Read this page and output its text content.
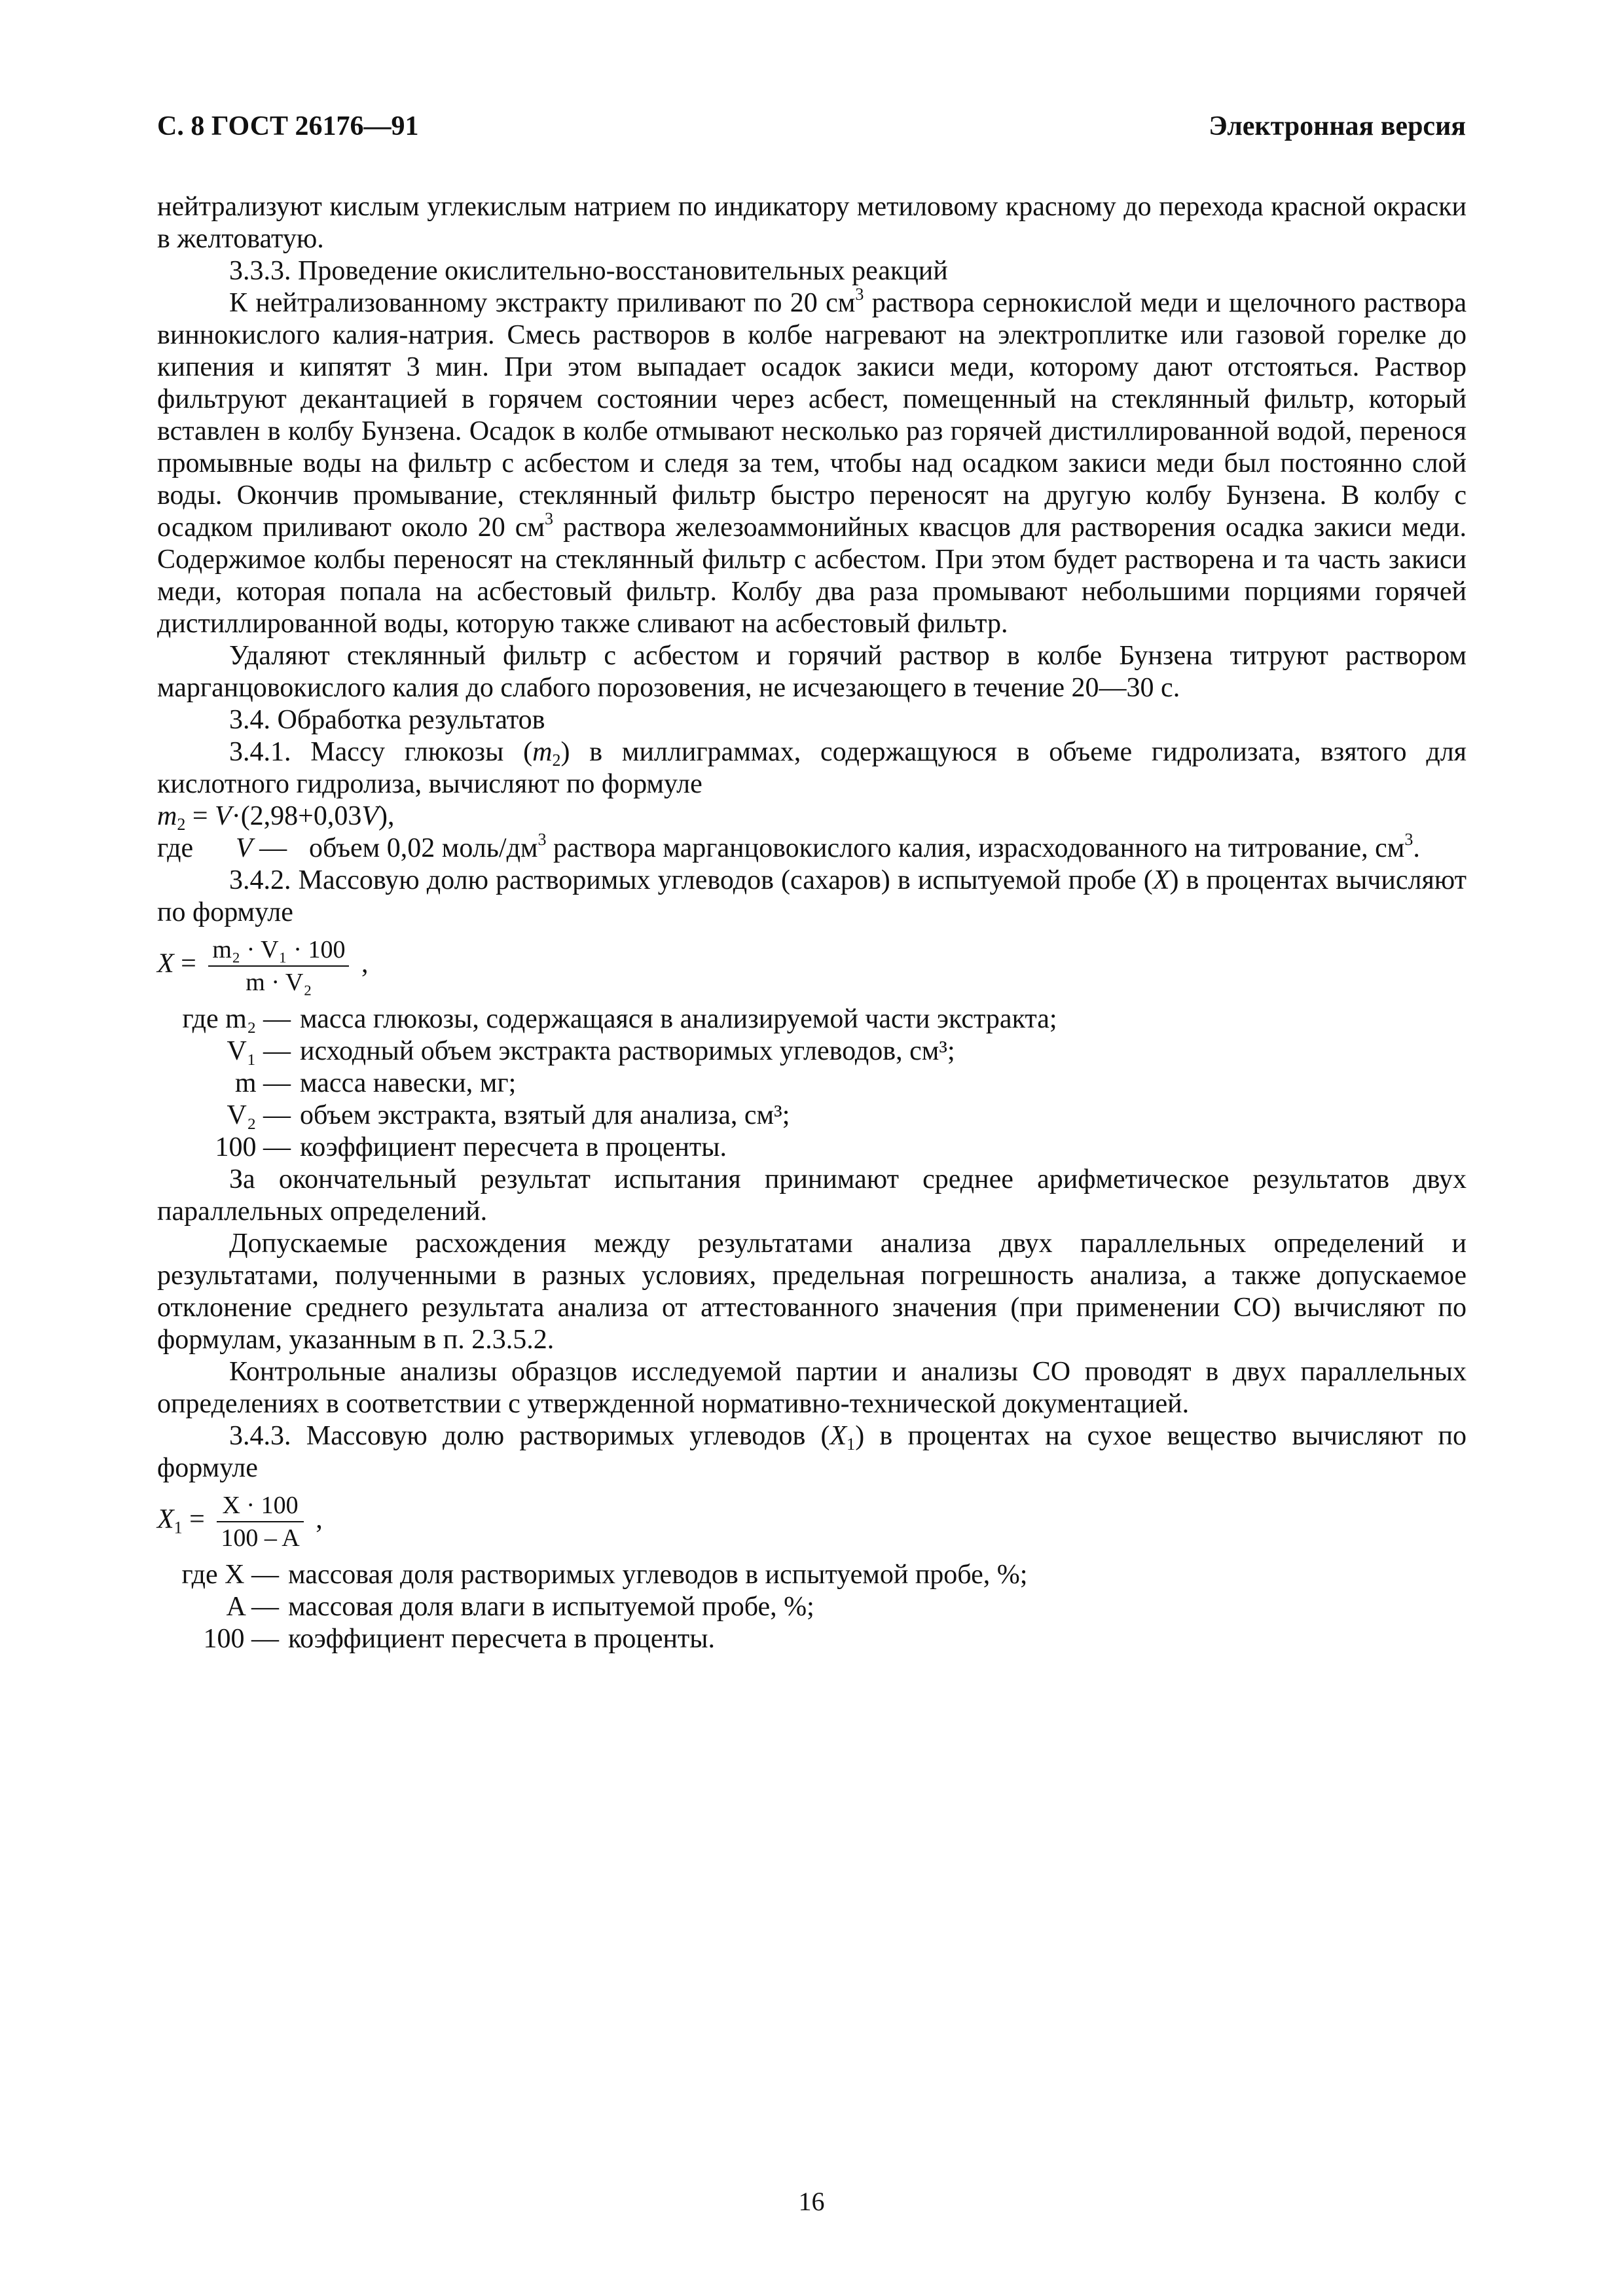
С. 8 ГОСТ 26176—91	Электронная версия

нейтрализуют кислым углекислым натрием по индикатору метиловому красному до перехода красной окраски в желтоватую.

3.3.3. Проведение окислительно-восстановительных реакций

К нейтрализованному экстракту приливают по 20 $см^3$ раствора сернокислой меди и щелочного раствора виннокислого калия-натрия. Смесь растворов в колбе нагревают на электроплитке или газовой горелке до кипения и кипятят 3 мин. При этом выпадает осадок закиси меди, которому дают отстояться. Раствор фильтруют декантацией в горячем состоянии через асбест, помещенный на стеклянный фильтр, который вставлен в колбу Бунзена. Осадок в колбе отмывают несколько раз горячей дистиллированной водой, перенося промывные воды на фильтр с асбестом и следя за тем, чтобы над осадком закиси меди был постоянно слой воды. Окончив промывание, стеклянный фильтр быстро переносят на другую колбу Бунзена. В колбу с осадком приливают около 20 $см^3$ раствора железоаммонийных квасцов для растворения осадка закиси меди. Содержимое колбы переносят на стеклянный фильтр с асбестом. При этом будет растворена и та часть закиси меди, которая попала на асбестовый фильтр. Колбу два раза промывают небольшими порциями горячей дистиллированной воды, которую также сливают на асбестовый фильтр.

Удаляют стеклянный фильтр с асбестом и горячий раствор в колбе Бунзена титруют раствором марганцовокислого калия до слабого порозовения, не исчезающего в течение 20—30 с.

3.4. Обработка результатов

3.4.1. Массу глюкозы $(m_2)$ в миллиграммах, содержащуюся в объеме гидролизата, взятого для кислотного гидролиза, вычисляют по формуле

$m_2 = V\cdot(2,98+0,03V)$,

где	V — объем 0,02 моль/$дм^3$ раствора марганцовокислого калия, израсходованного на титрование, $см^3$.

3.4.2. Массовую долю растворимых углеводов (сахаров) в испытуемой пробе (X) в процентах вычисляют по формуле

$X = \frac{\text{m₂ · V₁ · 100}}{\text{m · V₂}}$ ,

где m₂ — масса глюкозы, содержащаяся в анализируемой части экстракта;
V₁ — исходный объем экстракта растворимых углеводов, см³;
m — масса навески, мг;
V₂ — объем экстракта, взятый для анализа, см³;
100 — коэффициент пересчета в проценты.

За окончательный результат испытания принимают среднее арифметическое результатов двух параллельных определений.

Допускаемые расхождения между результатами анализа двух параллельных определений и результатами, полученными в разных условиях, предельная погрешность анализа, а также допускаемое отклонение среднего результата анализа от аттестованного значения (при применении СО) вычисляют по формулам, указанным в п. 2.3.5.2.

Контрольные анализы образцов исследуемой партии и анализы СО проводят в двух параллельных определениях в соответствии с утвержденной нормативно-технической документацией.

3.4.3. Массовую долю растворимых углеводов $(X_1)$ в процентах на сухое вещество вычисляют по формуле

$X_1 = \frac{X \cdot 100}{100 - A}$ ,

где X — массовая доля растворимых углеводов в испытуемой пробе, %;
A — массовая доля влаги в испытуемой пробе, %;
100 — коэффициент пересчета в проценты.
16
